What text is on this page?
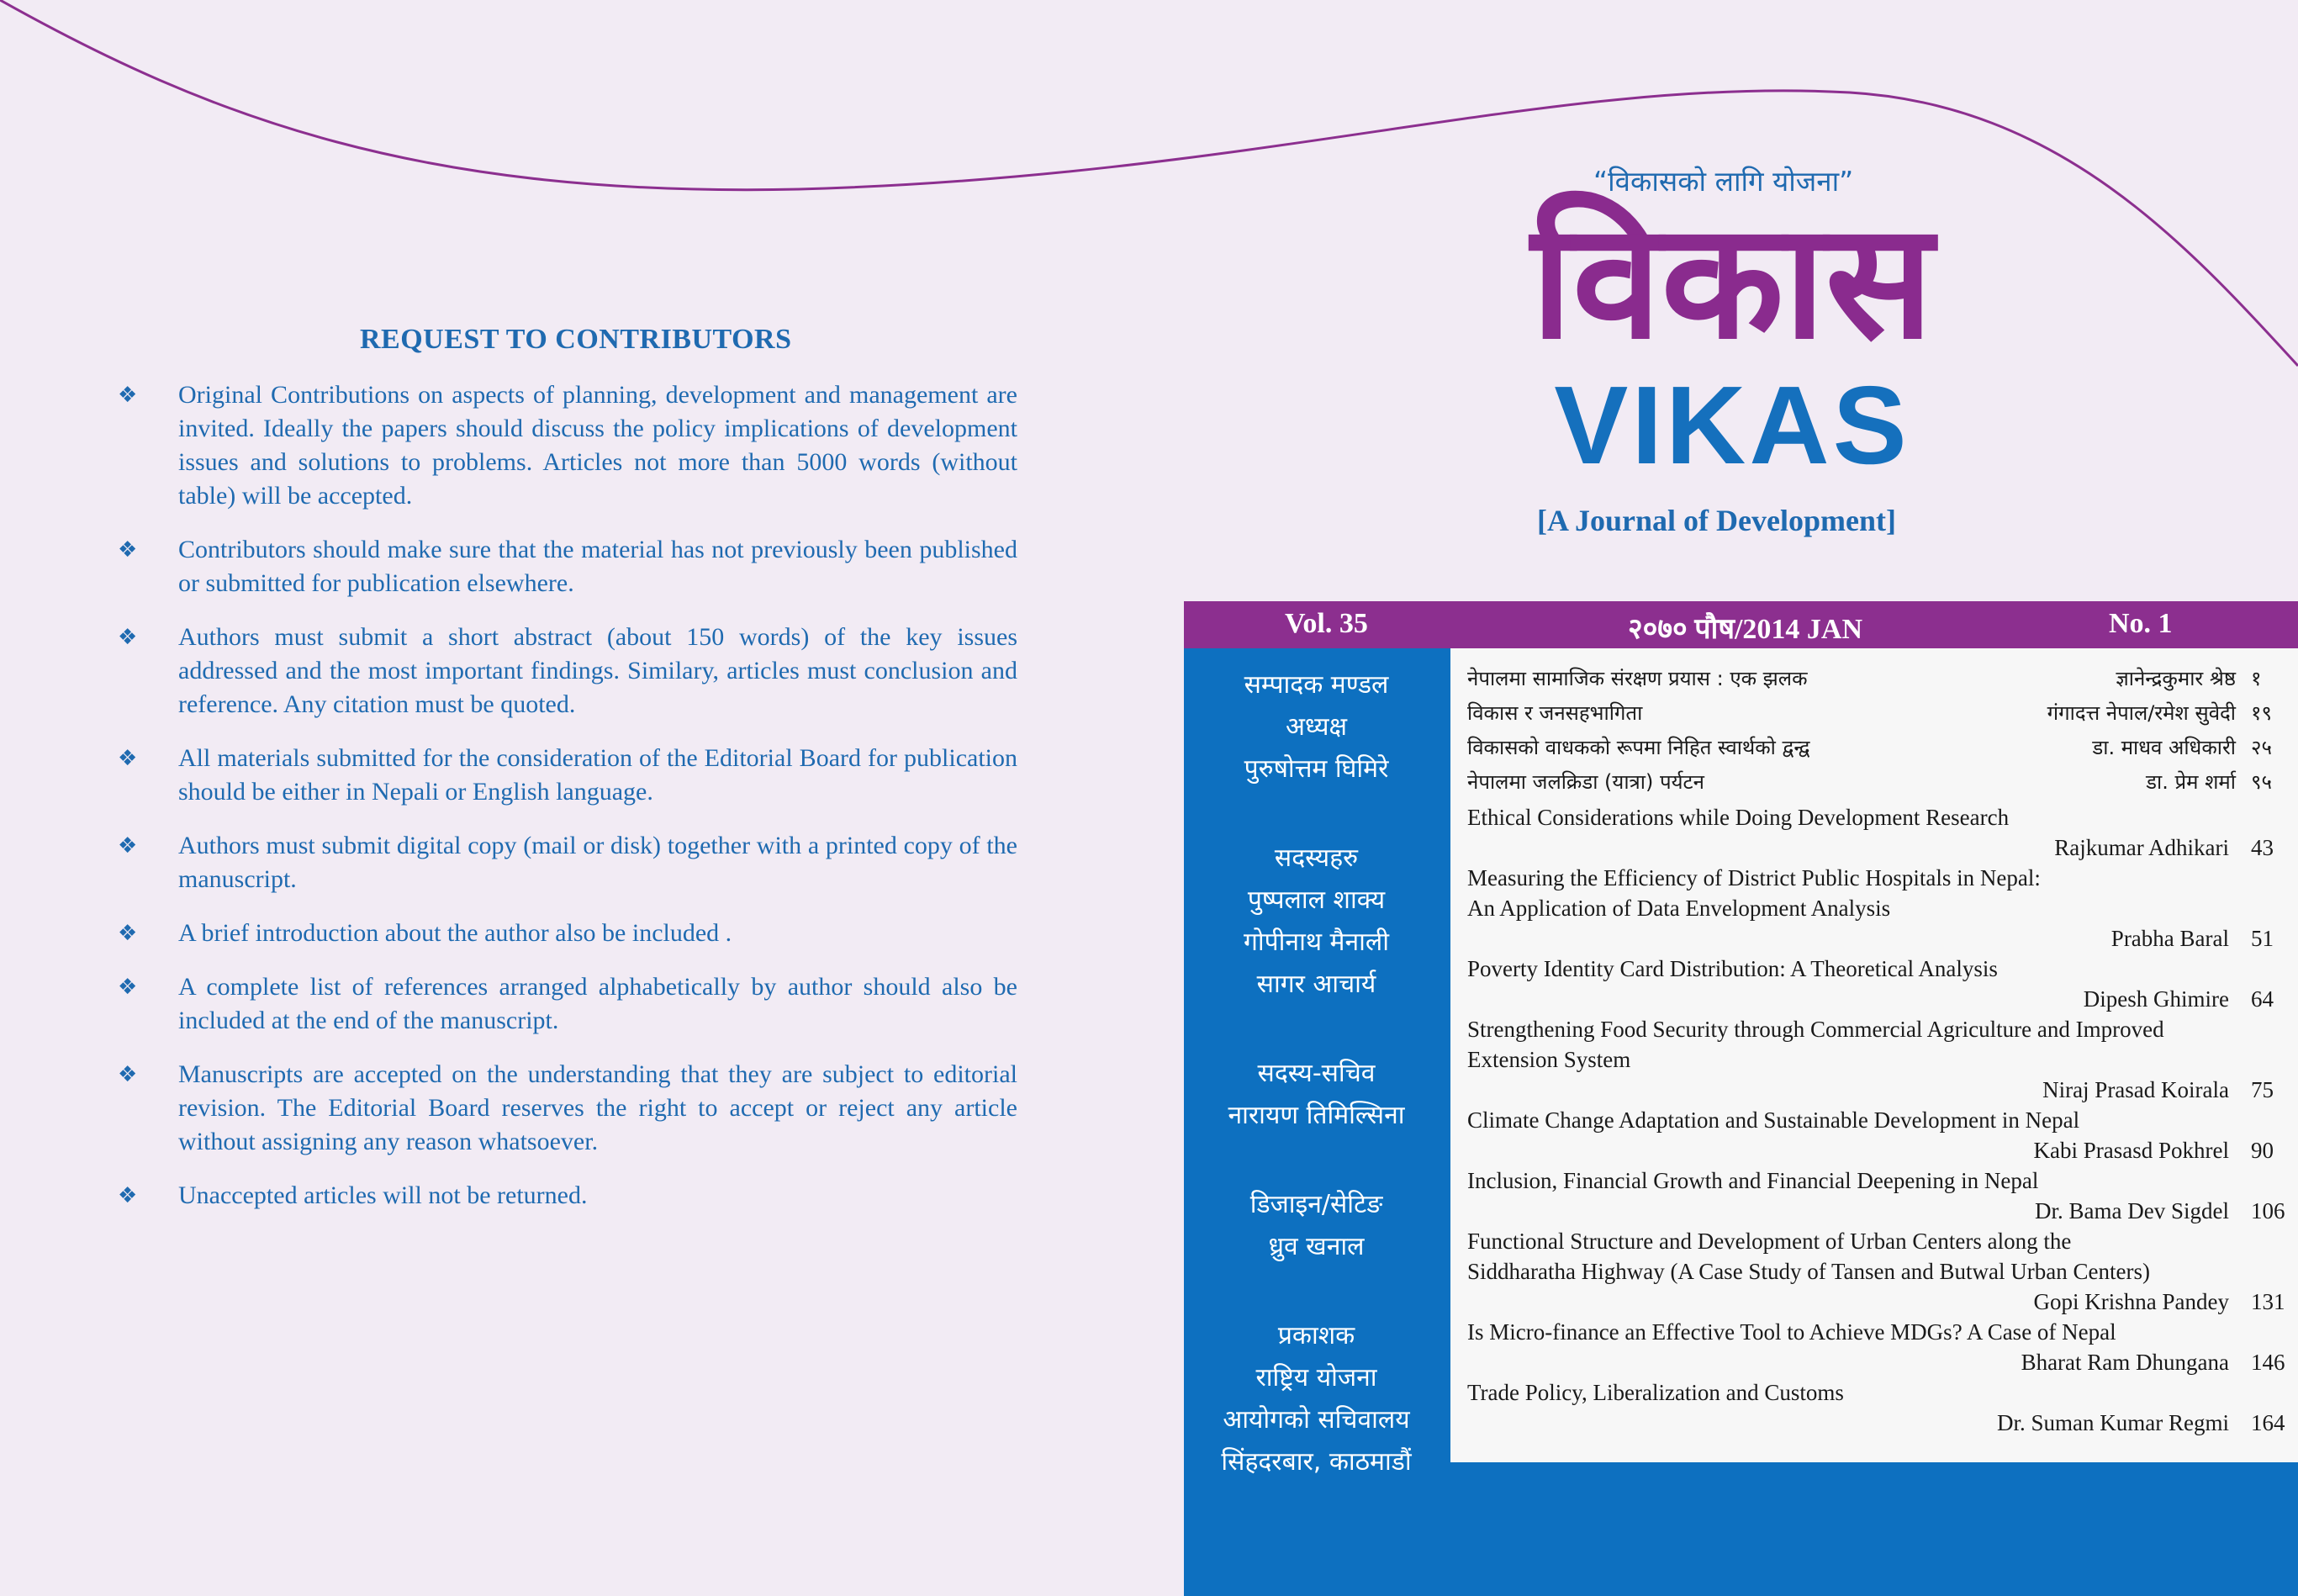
REQUEST TO CONTRIBUTORS
❖ Original Contributions on aspects of planning, development and management are invited. Ideally the papers should discuss the policy implications of development issues and solutions to problems. Articles not more than 5000 words (without table) will be accepted.
❖ Contributors should make sure that the material has not previously been published or submitted for publication elsewhere.
❖ Authors must submit a short abstract (about 150 words) of the key issues addressed and the most important findings. Similary, articles must conclusion and reference. Any citation must be quoted.
❖ All materials submitted for the consideration of the Editorial Board for publication should be either in Nepali or English language.
❖ Authors must submit digital copy (mail or disk) together with a printed copy of the manuscript.
❖ A brief introduction about the author also be included .
❖ A complete list of references arranged alphabetically by author should also be included at the end of the manuscript.
❖ Manuscripts are accepted on the understanding that they are subject to editorial revision. The Editorial Board reserves the right to accept or reject any article without assigning any reason whatsoever.
❖ Unaccepted articles will not be returned.
“विकासको लागि योजना”
विकास
VIKAS
[A Journal of Development]
Vol. 35	२०७० पौष/2014 JAN	No. 1
सम्पादक मण्डल
अध्यक्ष
पुरुषोत्तम घिमिरे
सदस्यहरु
पुष्पलाल शाक्य
गोपीनाथ मैनाली
सागर आचार्य
सदस्य-सचिव
नारायण तिमिल्सिना
डिजाइन/सेटिङ
ध्रुव खनाल
प्रकाशक
राष्ट्रिय योजना
आयोगको सचिवालय
सिंहदरबार, काठमाडौं
नेपालमा सामाजिक संरक्षण प्रयास : एक झलक	ज्ञानेन्द्रकुमार श्रेष्ठ १
विकास र जनसहभागिता	गंगादत्त नेपाल/रमेश सुवेदी १९
विकासको वाधकको रूपमा निहित स्वार्थको द्वन्द्व	डा. माधव अधिकारी २५
नेपालमा जलक्रिडा (यात्रा) पर्यटन	डा. प्रेम शर्मा ९५
Ethical Considerations while Doing Development Research
Rajkumar Adhikari 43
Measuring the Efficiency of District Public Hospitals in Nepal:
An Application of Data Envelopment Analysis
Prabha Baral 51
Poverty Identity Card Distribution: A Theoretical Analysis
Dipesh Ghimire 64
Strengthening Food Security through Commercial Agriculture and Improved
Extension System
Niraj Prasad Koirala 75
Climate Change Adaptation and Sustainable Development in Nepal
Kabi Prasasd Pokhrel 90
Inclusion, Financial Growth and Financial Deepening in Nepal
Dr. Bama Dev Sigdel 106
Functional Structure and Development of Urban Centers along the
Siddharatha Highway (A Case Study of Tansen and Butwal Urban Centers)
Gopi Krishna Pandey 131
Is Micro-finance an Effective Tool to Achieve MDGs? A Case of Nepal
Bharat Ram Dhungana 146
Trade Policy, Liberalization and Customs
Dr. Suman Kumar Regmi 164
